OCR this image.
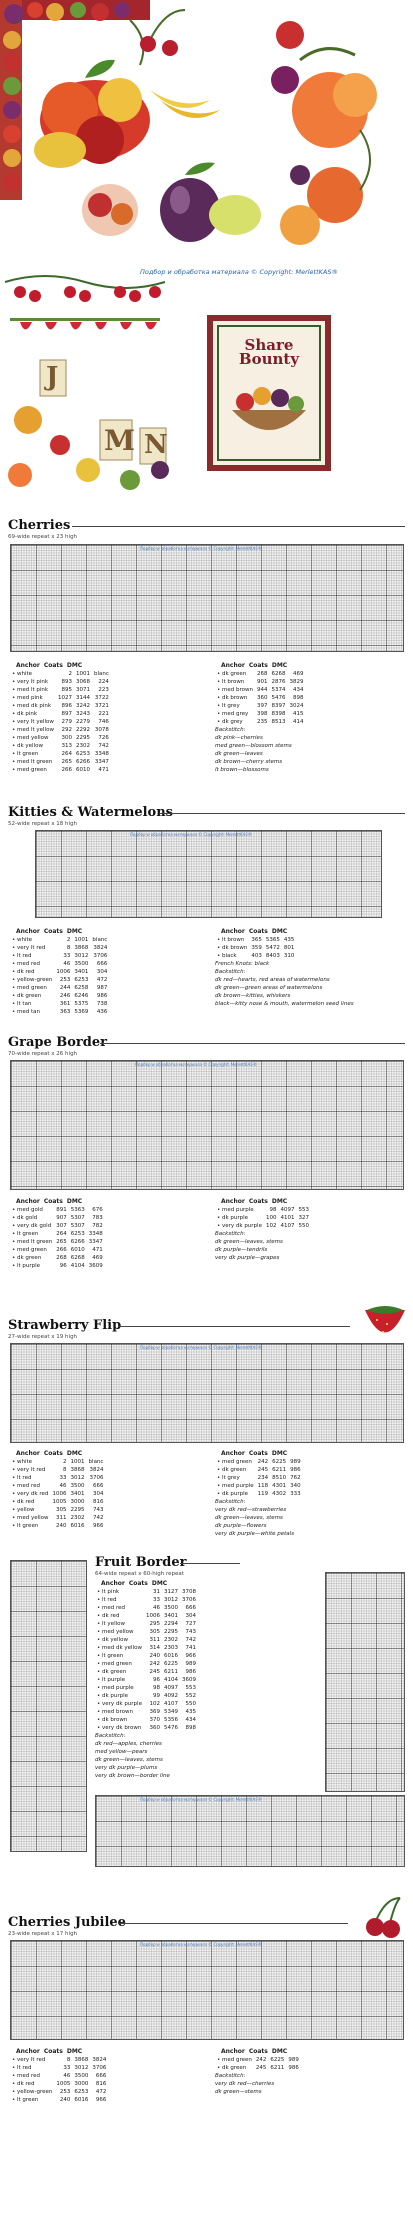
Подбор и обработка материала © Copyright: MerlettKAS®
J
M N
Share
Bounty
Cherries
69-wide repeat x 23 high
Подбор и обработка материала © Copyright: MerlettKAS®
	Anchor	Coats	DMC
• white	2	1001	blanc
• very lt pink	893	3068	224
• med lt pink	895	3071	223
• med pink	1027	3144	3722
• med dk pink	896	3242	3721
• dk pink	897	3243	221
• very lt yellow	279	2279	746
• med lt yellow	292	2292	3078
• med yellow	300	2295	726
• dk yellow	313	2302	742
• lt green	264	6253	3348
• med lt green	265	6266	3347
• med green	266	6010	471
	Anchor	Coats	DMC
• dk green	268	6268	469
• lt brown	901	2876	3829
• med brown	944	5374	434
• dk brown	360	5476	898
• lt grey	397	8397	3024
• med grey	398	8398	415
• dk grey	235	8513	414
Backstitch:
dk pink—cherries
med green—blossom stems
dk green—leaves
dk brown—cherry stems
lt brown—blossoms
Kitties & Watermelons
52-wide repeat x 18 high
Подбор и обработка материала © Copyright: MerlettKAS®
	Anchor	Coats	DMC
• white	2	1001	blanc
• very lt red	8	3868	3824
• lt red	33	3012	3706
• med red	46	3500	666
• dk red	1006	3401	304
• yellow-green	253	6253	472
• med green	244	6258	987
• dk green	246	6246	986
• lt tan	361	5375	738
• med tan	363	5369	436
	Anchor	Coats	DMC
• lt brown	365	5365	435
• dk brown	359	5472	801
• black	403	8403	310
French Knots: black
Backstitch:
dk red—hearts, red areas of watermelons
dk green—green areas of watermelons
dk brown—kitties, whiskers
black—kitty nose & mouth, watermelon seed lines
Grape Border
70-wide repeat x 26 high
Подбор и обработка материала © Copyright: MerlettKAS®
	Anchor	Coats	DMC
• med gold	891	5363	676
• dk gold	907	5307	783
• very dk gold	307	5307	782
• lt green	264	6253	3348
• med lt green	265	6266	3347
• med green	266	6010	471
• dk green	268	6268	469
• lt purple	96	4104	3609
	Anchor	Coats	DMC
• med purple	98	4097	553
• dk purple	100	4101	327
• very dk purple	102	4107	550
Backstitch:
dk green—leaves, stems
dk purple—tendrils
very dk purple—grapes
Strawberry Flip
27-wide repeat x 19 high
Подбор и обработка материала © Copyright: MerlettKAS®
	Anchor	Coats	DMC
• white	2	1001	blanc
• very lt red	8	3868	3824
• lt red	33	3012	3706
• med red	46	3500	666
• very dk red	1006	3401	304
• dk red	1005	3000	816
• yellow	305	2295	743
• med yellow	311	2302	742
• lt green	240	6016	966
	Anchor	Coats	DMC
• med green	242	6225	989
• dk green	245	6211	986
• lt grey	234	8510	762
• med purple	118	4301	340
• dk purple	119	4302	333
Backstitch:
very dk red—strawberries
dk green—leaves, stems
dk purple—flowers
very dk purple—white petals
Fruit Border
64-wide repeat x 60-high repeat
	Anchor	Coats	DMC
• lt pink	31	3127	3708
• lt red	33	3012	3706
• med red	46	3500	666
• dk red	1006	3401	304
• lt yellow	295	2294	727
• med yellow	305	2295	743
• dk yellow	311	2302	742
• med dk yellow	314	2303	741
• lt green	240	6016	966
• med green	242	6225	989
• dk green	245	6211	986
• lt purple	96	4104	3609
• med purple	98	4097	553
• dk purple	99	4092	552
• very dk purple	102	4107	550
• med brown	369	5349	435
• dk brown	370	5356	434
• very dk brown	360	5476	898
Backstitch:
dk red—apples, cherries
med yellow—pears
dk green—leaves, stems
very dk purple—plums
very dk brown—border line
Подбор и обработка материала © Copyright: MerlettKAS®
Cherries Jubilee
23-wide repeat x 17 high
Подбор и обработка материала © Copyright: MerlettKAS®
	Anchor	Coats	DMC
• very lt red	8	3868	3824
• lt red	33	3012	3706
• med red	46	3500	666
• dk red	1005	3000	816
• yellow-green	253	6253	472
• lt green	240	6016	966
	Anchor	Coats	DMC
• med green	242	6225	989
• dk green	245	6211	986
Backstitch:
very dk red—cherries
dk green—stems
